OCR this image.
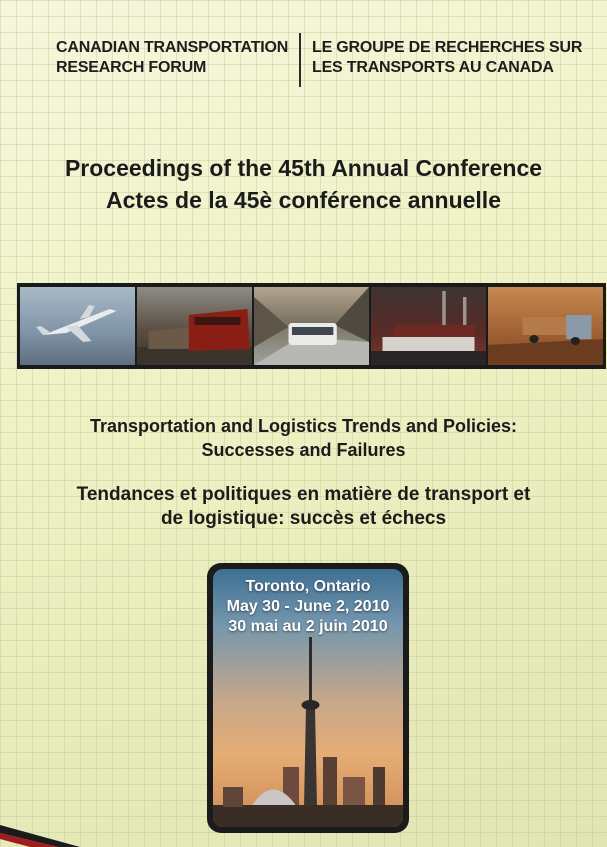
CANADIAN TRANSPORTATION
RESEARCH FORUM
LE GROUPE DE RECHERCHES SUR
LES TRANSPORTS AU CANADA
Proceedings of the 45th Annual Conference
Actes de la 45è conférence annuelle
Transportation and Logistics Trends and Policies:
Successes and Failures
Tendances et politiques en matière de transport et
de logistique: succès et échecs
Toronto, Ontario
May 30 - June 2, 2010
30 mai au 2 juin 2010
